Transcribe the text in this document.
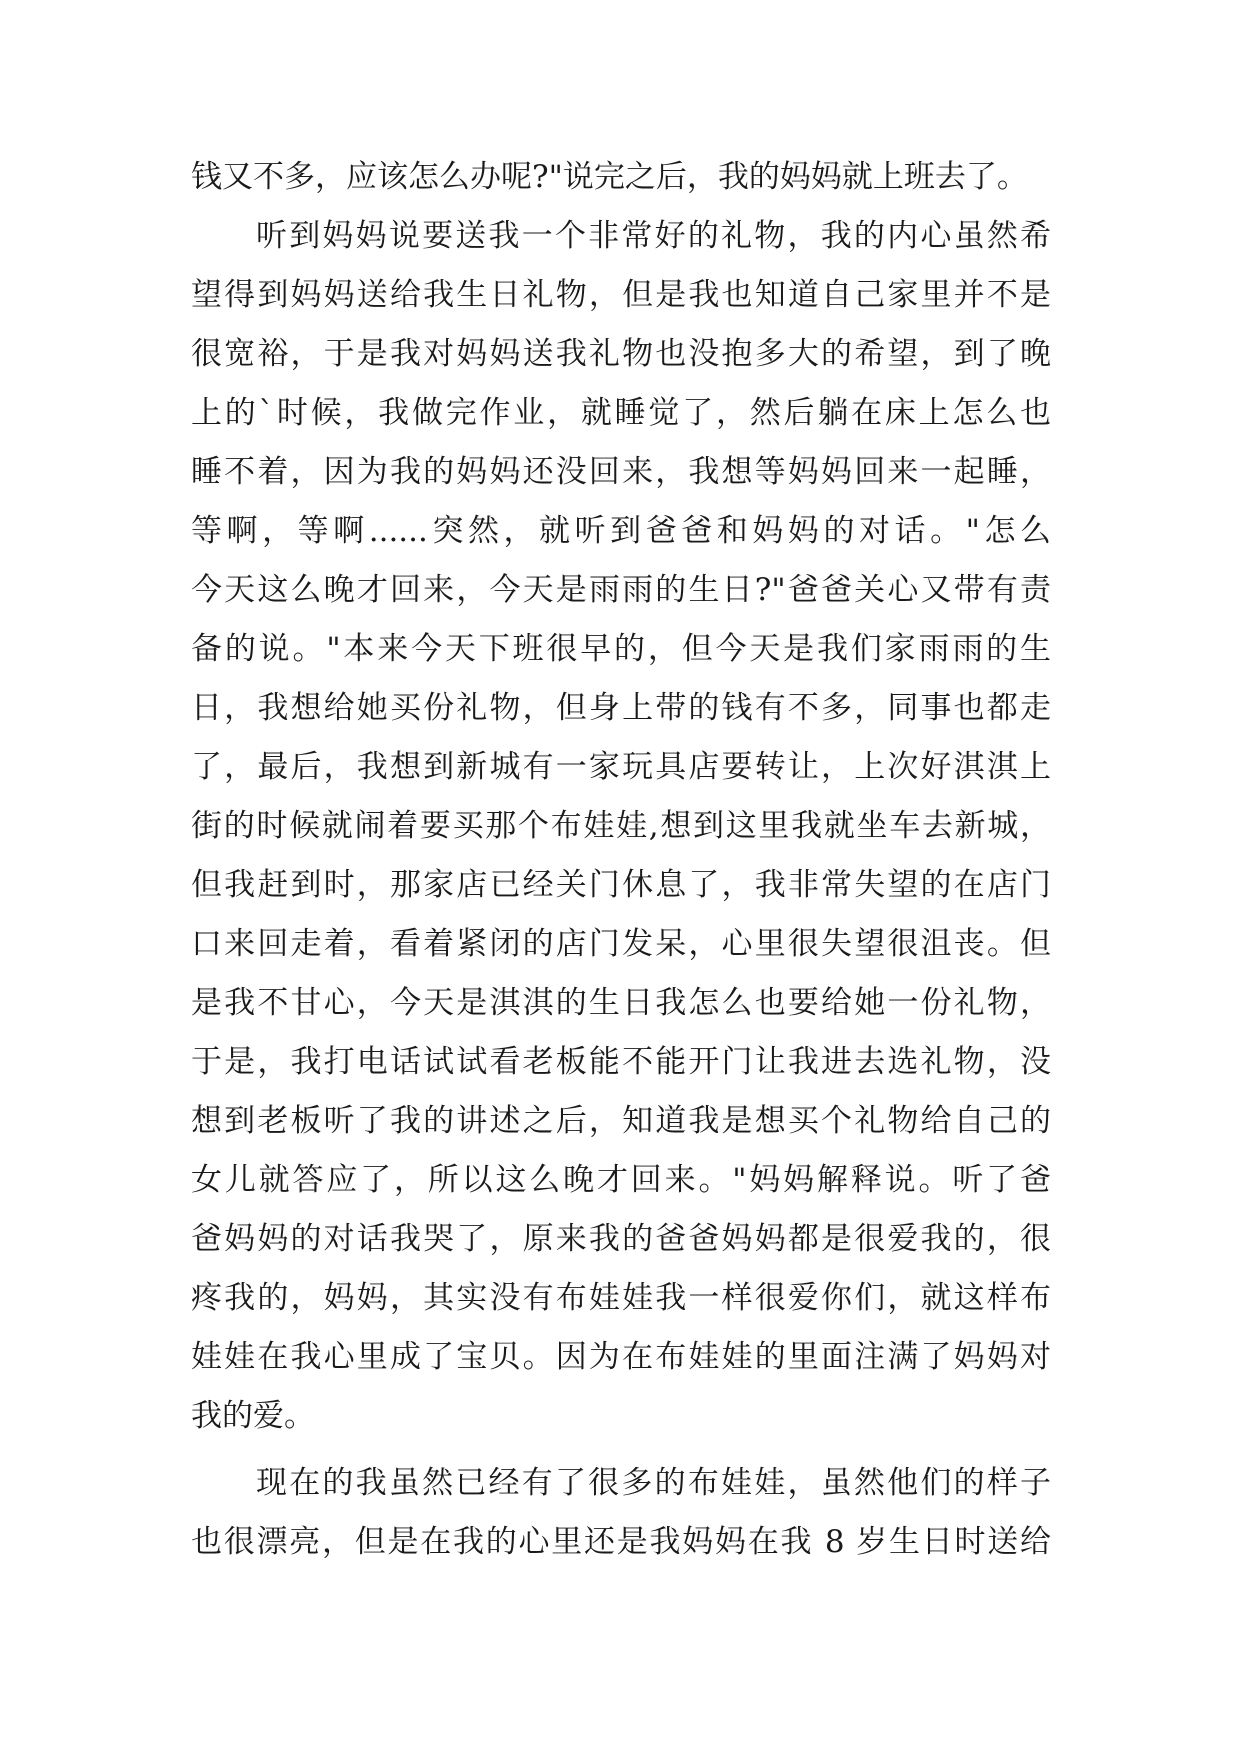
钱又不多，应该怎么办呢?"说完之后，我的妈妈就上班去了。
听到妈妈说要送我一个非常好的礼物，我的内心虽然希
望得到妈妈送给我生日礼物，但是我也知道自己家里并不是
很宽裕，于是我对妈妈送我礼物也没抱多大的希望，到了晚
上的`时候，我做完作业，就睡觉了，然后躺在床上怎么也
睡不着，因为我的妈妈还没回来，我想等妈妈回来一起睡，
等啊，等啊......突然，就听到爸爸和妈妈的对话。"怎么
今天这么晚才回来，今天是雨雨的生日?"爸爸关心又带有责
备的说。"本来今天下班很早的，但今天是我们家雨雨的生
日，我想给她买份礼物，但身上带的钱有不多，同事也都走
了，最后，我想到新城有一家玩具店要转让，上次好淇淇上
街的时候就闹着要买那个布娃娃,想到这里我就坐车去新城，
但我赶到时，那家店已经关门休息了，我非常失望的在店门
口来回走着，看着紧闭的店门发呆，心里很失望很沮丧。但
是我不甘心，今天是淇淇的生日我怎么也要给她一份礼物，
于是，我打电话试试看老板能不能开门让我进去选礼物，没
想到老板听了我的讲述之后，知道我是想买个礼物给自己的
女儿就答应了，所以这么晚才回来。"妈妈解释说。听了爸
爸妈妈的对话我哭了，原来我的爸爸妈妈都是很爱我的，很
疼我的，妈妈，其实没有布娃娃我一样很爱你们，就这样布
娃娃在我心里成了宝贝。因为在布娃娃的里面注满了妈妈对
我的爱。
现在的我虽然已经有了很多的布娃娃，虽然他们的样子
也很漂亮，但是在我的心里还是我妈妈在我 8 岁生日时送给
